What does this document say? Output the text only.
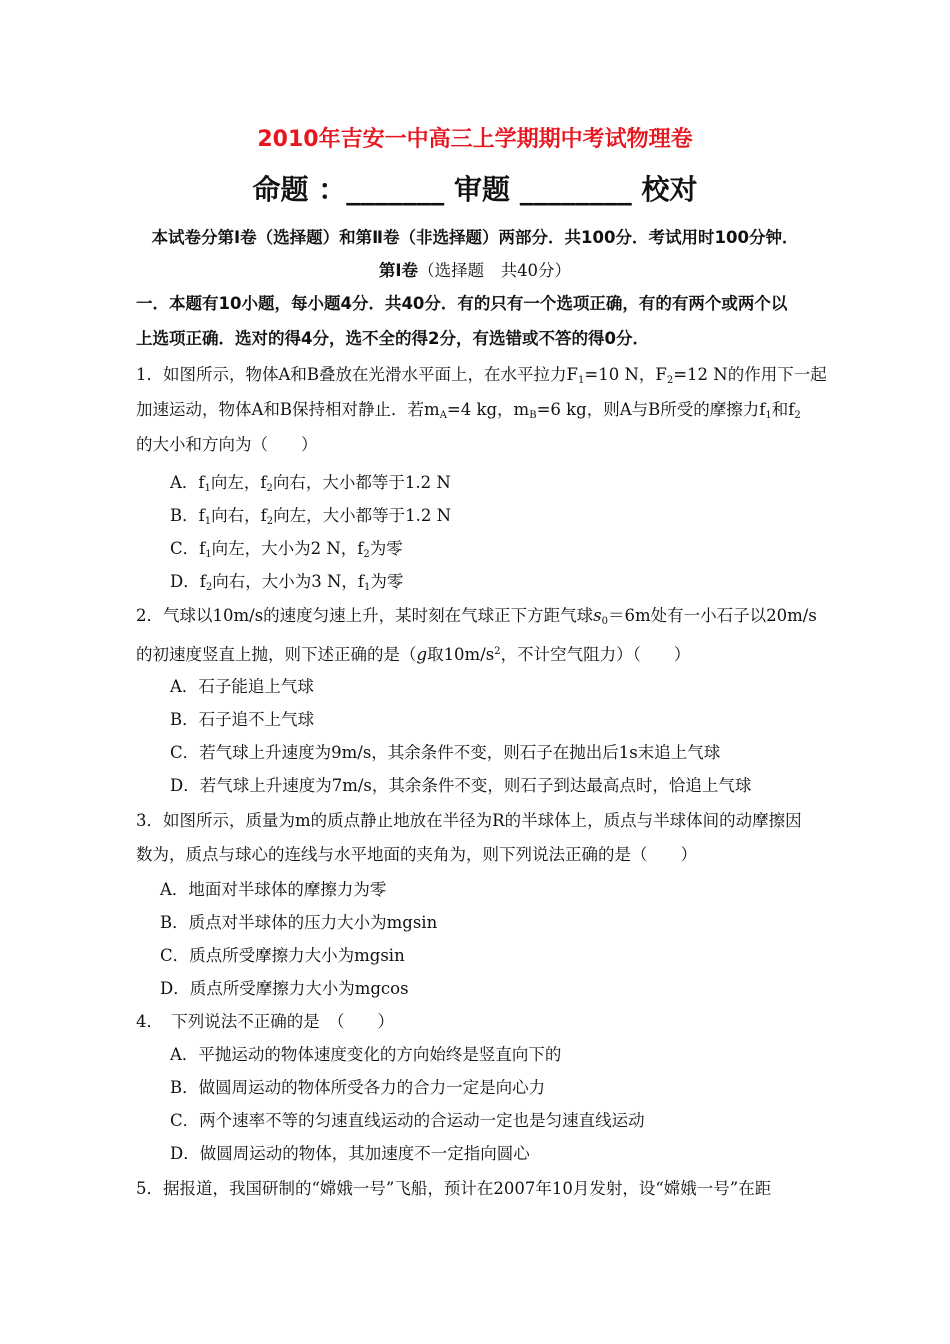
2010年吉安一中高三上学期期中考试物理卷
命题 ：_______ 审题 ________ 校对
本试卷分第Ⅰ卷（选择题）和第Ⅱ卷（非选择题）两部分．共100分．考试用时100分钟．
第Ⅰ卷（选择题　共40分）
一．本题有10小题，每小题4分．共40分．有的只有一个选项正确，有的有两个或两个以
上选项正确．选对的得4分，选不全的得2分，有选错或不答的得0分．
1．如图所示，物体A和B叠放在光滑水平面上，在水平拉力$F_1=10$ N，$F_2=12$ N的作用下一起
加速运动，物体A和B保持相对静止．若$m_A=4$ kg，$m_B=6$ kg，则A与B所受的摩擦力$f_1$和$f_2$
的大小和方向为（　　）
A．$f_1$向左，$f_2$向右，大小都等于1.2 N
B．$f_1$向右，$f_2$向左，大小都等于1.2 N
C．$f_1$向左，大小为2 N，$f_2$为零
D．$f_2$向右，大小为3 N，$f_1$为零
2．气球以10m/s的速度匀速上升，某时刻在气球正下方距气球$s_0=6m$处有一小石子以20m/s
的初速度竖直上抛，则下述正确的是（g取$10m/s^2$，不计空气阻力）（　　）
A．石子能追上气球
B．石子追不上气球
C．若气球上升速度为9m/s，其余条件不变，则石子在抛出后1s末追上气球
D．若气球上升速度为7m/s，其余条件不变，则石子到达最高点时，恰追上气球
3．如图所示，质量为m的质点静止地放在半径为R的半球体上，质点与半球体间的动摩擦因
数为，质点与球心的连线与水平地面的夹角为，则下列说法正确的是（　　）
A．地面对半球体的摩擦力为零
B．质点对半球体的压力大小为mgsin
C．质点所受摩擦力大小为mgsin
D．质点所受摩擦力大小为mgcos
4．　下列说法不正确的是　（　　）
A．平抛运动的物体速度变化的方向始终是竖直向下的
B．做圆周运动的物体所受各力的合力一定是向心力
C．两个速率不等的匀速直线运动的合运动一定也是匀速直线运动
D．做圆周运动的物体，其加速度不一定指向圆心
5．据报道，我国研制的“嫦娥一号”飞船，预计在2007年10月发射，设“嫦娥一号”在距
